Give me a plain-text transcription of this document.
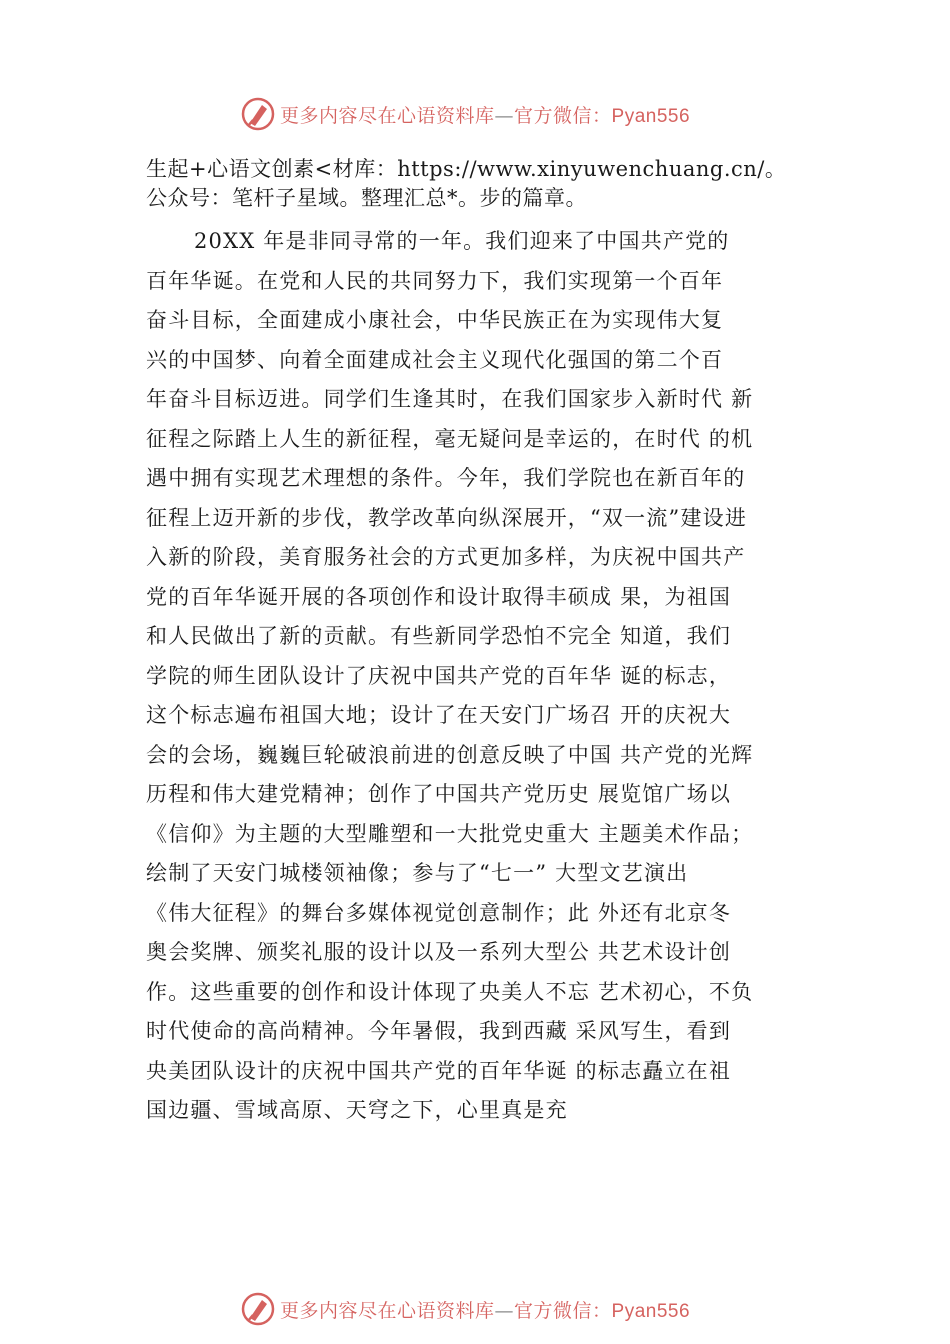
更多内容尽在心语资料库—官方微信：Pyan556
生起+心语文创素<材库：https://www.xinyuwenchuang.cn/。
公众号：笔杆子星域。整理汇总*。步的篇章。
20XX 年是非同寻常的一年。我们迎来了中国共产党的
百年华诞。在党和人民的共同努力下，我们实现第一个百年
奋斗目标，全面建成小康社会，中华民族正在为实现伟大复
兴的中国梦、向着全面建成社会主义现代化强国的第二个百
年奋斗目标迈进。同学们生逢其时，在我们国家步入新时代 新
征程之际踏上人生的新征程，毫无疑问是幸运的，在时代 的机
遇中拥有实现艺术理想的条件。今年，我们学院也在新百年的
征程上迈开新的步伐，教学改革向纵深展开，“双一流”建设进
入新的阶段，美育服务社会的方式更加多样，为庆祝中国共产
党的百年华诞开展的各项创作和设计取得丰硕成 果，为祖国
和人民做出了新的贡献。有些新同学恐怕不完全 知道，我们
学院的师生团队设计了庆祝中国共产党的百年华 诞的标志，
这个标志遍布祖国大地；设计了在天安门广场召 开的庆祝大
会的会场，巍巍巨轮破浪前进的创意反映了中国 共产党的光辉
历程和伟大建党精神；创作了中国共产党历史 展览馆广场以
《信仰》为主题的大型雕塑和一大批党史重大 主题美术作品；
绘制了天安门城楼领袖像；参与了“七一” 大型文艺演出
《伟大征程》的舞台多媒体视觉创意制作；此 外还有北京冬
奥会奖牌、颁奖礼服的设计以及一系列大型公 共艺术设计创
作。这些重要的创作和设计体现了央美人不忘 艺术初心，不负
时代使命的高尚精神。今年暑假，我到西藏 采风写生，看到
央美团队设计的庆祝中国共产党的百年华诞 的标志矗立在祖
国边疆、雪域高原、天穹之下，心里真是充
更多内容尽在心语资料库—官方微信：Pyan556
